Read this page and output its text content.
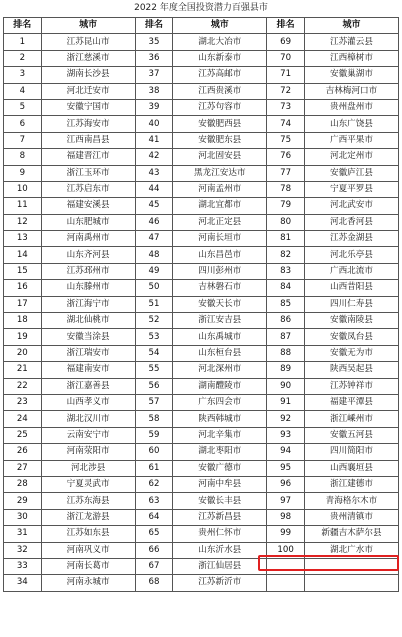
2022 年度全国投资潜力百强县市
排名	城市	排名	城市	排名	城市
1	江苏昆山市	35	湖北大冶市	69	江苏灌云县
2	浙江慈溪市	36	山东新泰市	70	江西樟树市
3	湖南长沙县	37	江苏高邮市	71	安徽巢湖市
4	河北迁安市	38	江西贵溪市	72	吉林梅河口市
5	安徽宁国市	39	江苏句容市	73	贵州盘州市
6	江苏海安市	40	安徽肥西县	74	山东广饶县
7	江西南昌县	41	安徽肥东县	75	广西平果市
8	福建晋江市	42	河北固安县	76	河北定州市
9	浙江玉环市	43	黑龙江安达市	77	安徽庐江县
10	江苏启东市	44	河南孟州市	78	宁夏平罗县
11	福建安溪县	45	湖北宜都市	79	河北武安市
12	山东肥城市	46	河北正定县	80	河北香河县
13	河南禹州市	47	河南长垣市	81	江苏金湖县
14	山东齐河县	48	山东昌邑市	82	河北乐亭县
15	江苏邳州市	49	四川彭州市	83	广西北流市
16	山东滕州市	50	吉林磐石市	84	山西昔阳县
17	浙江海宁市	51	安徽天长市	85	四川仁寿县
18	湖北仙桃市	52	浙江安吉县	86	安徽南陵县
19	安徽当涂县	53	山东禹城市	87	安徽凤台县
20	浙江瑞安市	54	山东桓台县	88	安徽无为市
21	福建南安市	55	河北深州市	89	陕西吴起县
22	浙江嘉善县	56	湖南醴陵市	90	江苏钟祥市
23	山西孝义市	57	广东四会市	91	福建平潭县
24	湖北汉川市	58	陕西韩城市	92	浙江嵊州市
25	云南安宁市	59	河北辛集市	93	安徽五河县
26	河南荥阳市	60	湖北枣阳市	94	四川简阳市
27	河北涉县	61	安徽广德市	95	山西襄垣县
28	宁夏灵武市	62	河南中牟县	96	浙江建德市
29	江苏东海县	63	安徽长丰县	97	青海格尔木市
30	浙江龙游县	64	江苏新昌县	98	贵州清镇市
31	江苏如东县	65	贵州仁怀市	99	新疆吉木萨尔县
32	河南巩义市	66	山东沂水县	100	湖北广水市
33	河南长葛市	67	浙江仙居县		
34	河南永城市	68	江苏新沂市		
